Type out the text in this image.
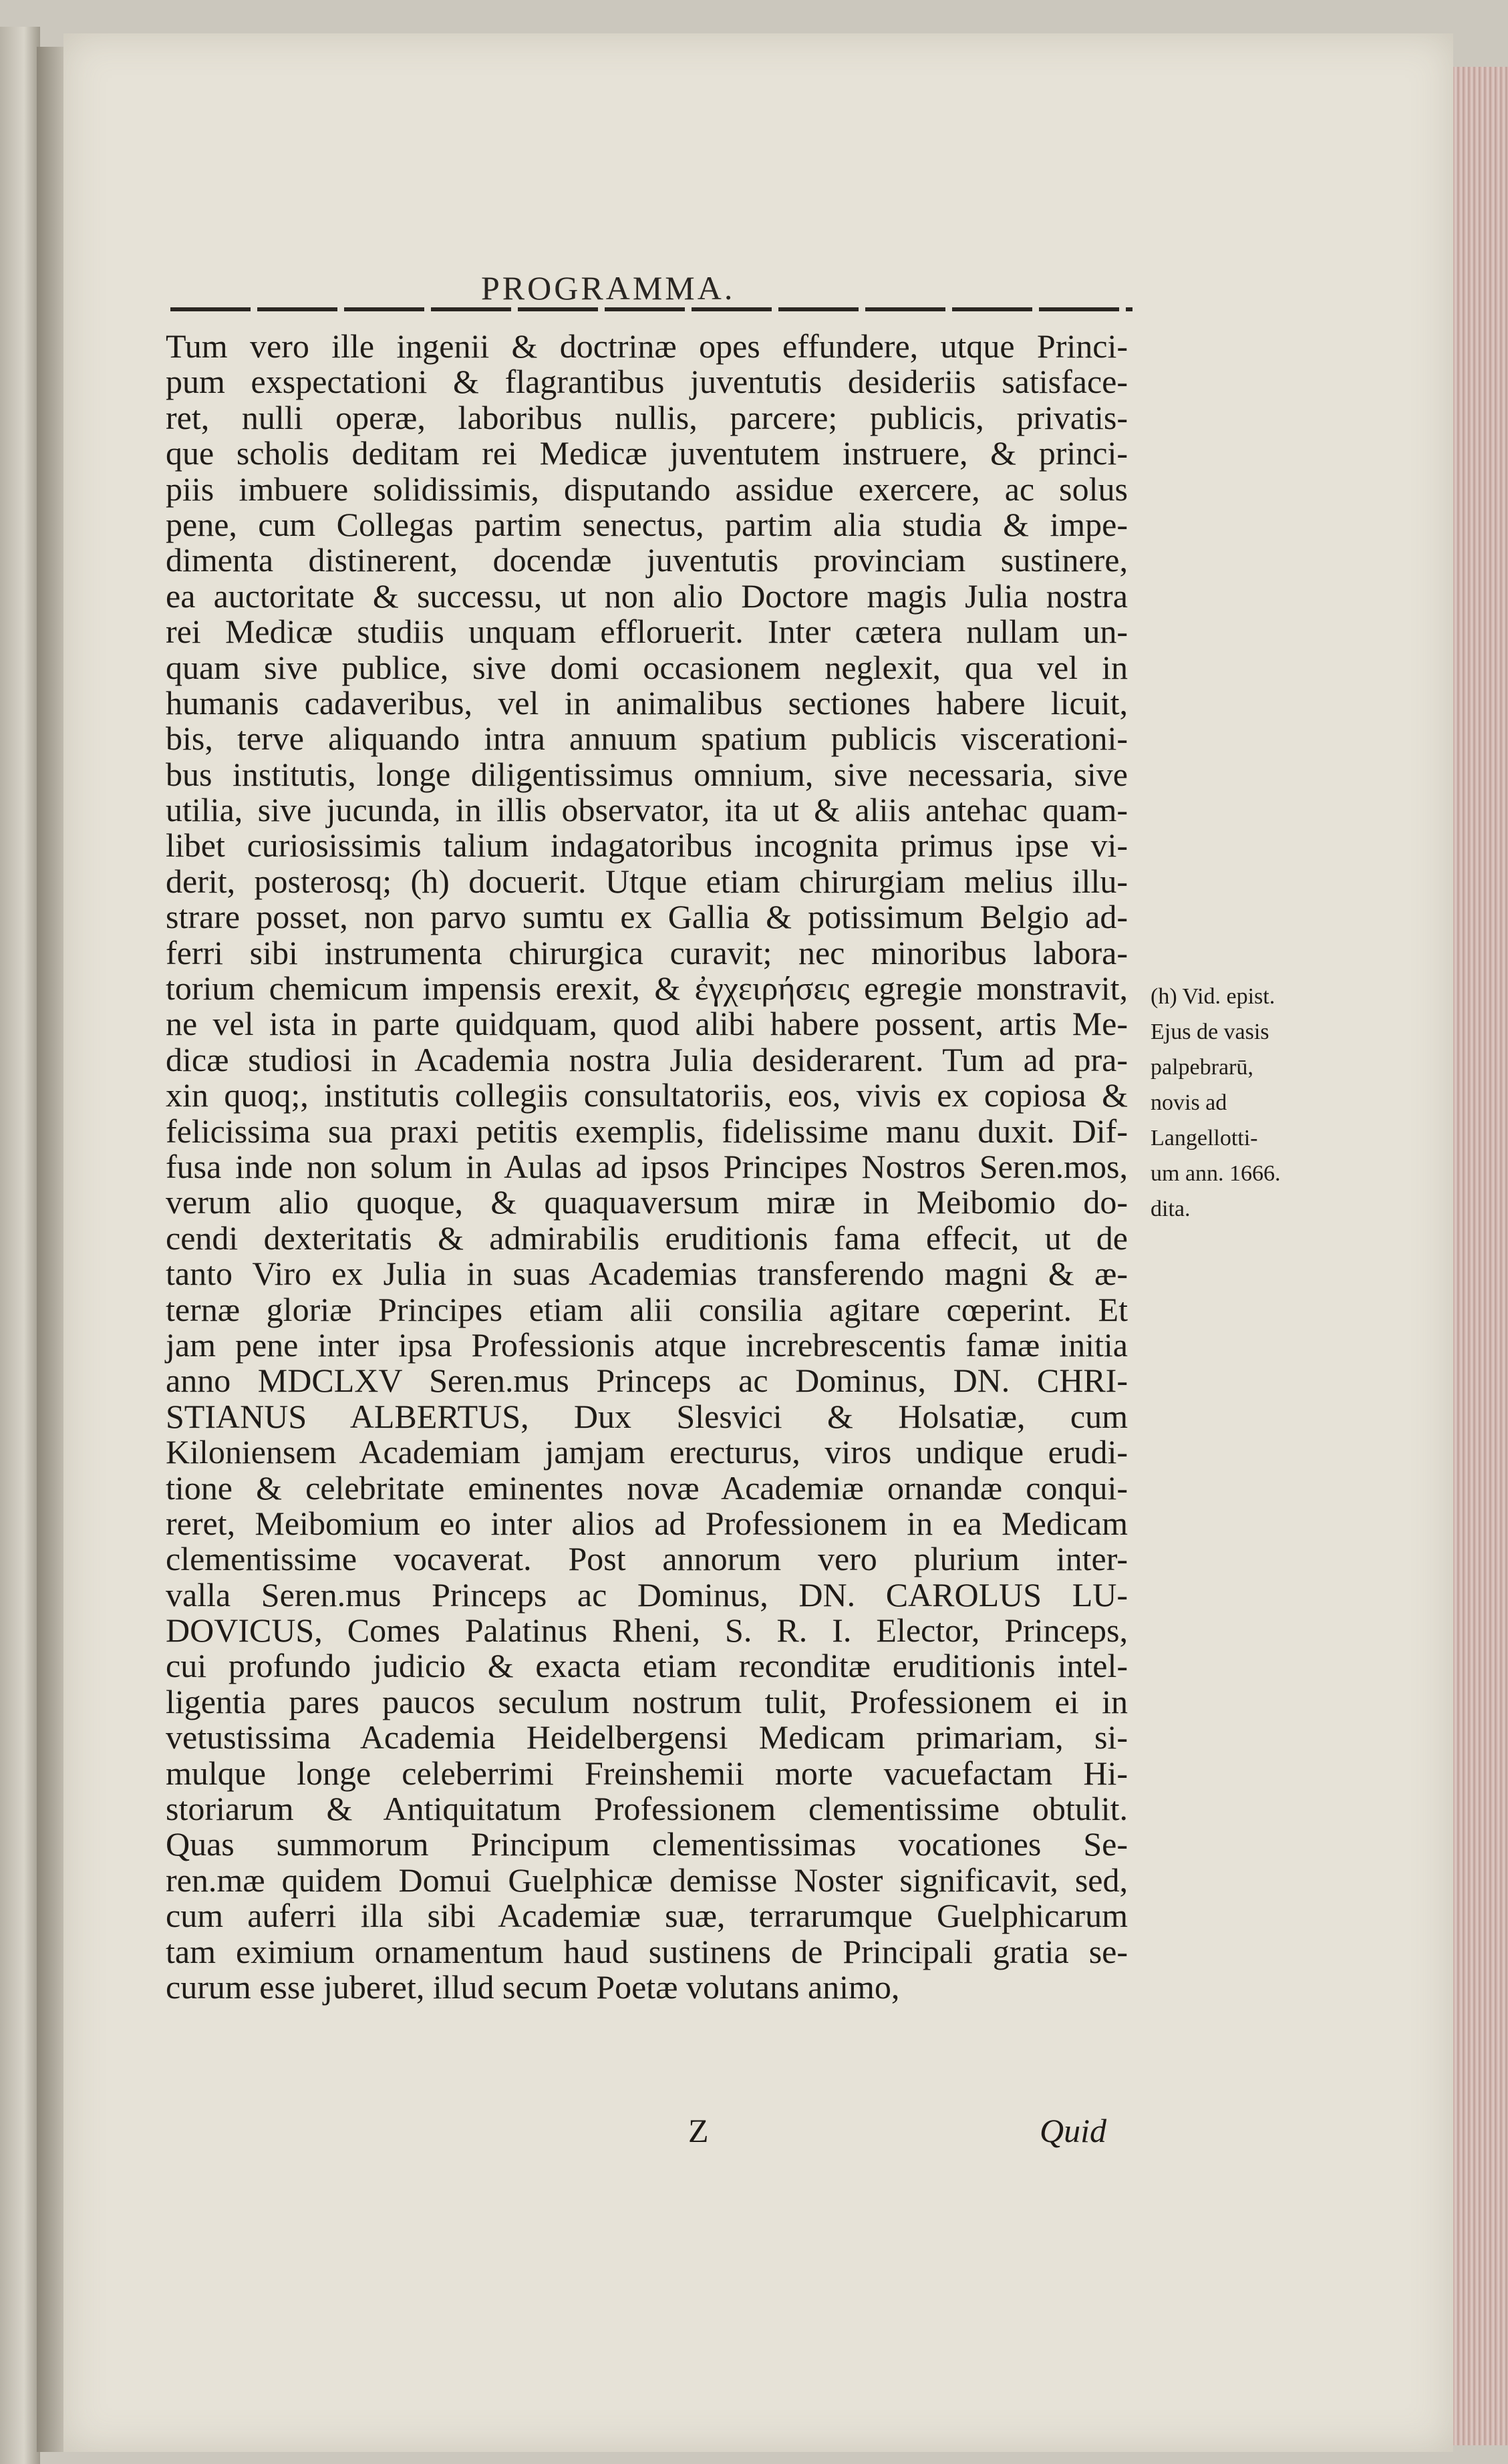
PROGRAMMA.
Tum vero ille ingenii & doctrinæ opes effundere, utque Princi-
pum exspectationi & flagrantibus juventutis desideriis satisface-
ret, nulli operæ, laboribus nullis, parcere; publicis, privatis-
que scholis deditam rei Medicæ juventutem instruere, & princi-
piis imbuere solidissimis, disputando assidue exercere, ac solus
pene, cum Collegas partim senectus, partim alia studia & impe-
dimenta distinerent, docendæ juventutis provinciam sustinere,
ea auctoritate & successu, ut non alio Doctore magis Julia nostra
rei Medicæ studiis unquam effloruerit. Inter cætera nullam un-
quam sive publice, sive domi occasionem neglexit, qua vel in
humanis cadaveribus, vel in animalibus sectiones habere licuit,
bis, terve aliquando intra annuum spatium publicis viscerationi-
bus institutis, longe diligentissimus omnium, sive necessaria, sive
utilia, sive jucunda, in illis observator, ita ut & aliis antehac quam-
libet curiosissimis talium indagatoribus incognita primus ipse vi-
derit, posterosq; (h) docuerit. Utque etiam chirurgiam melius illu-
strare posset, non parvo sumtu ex Gallia & potissimum Belgio ad-
ferri sibi instrumenta chirurgica curavit; nec minoribus labora-
torium chemicum impensis erexit, & ἐγχειρήσεις egregie monstravit,
ne vel ista in parte quidquam, quod alibi habere possent, artis Me-
dicæ studiosi in Academia nostra Julia desiderarent. Tum ad pra-
xin quoq;, institutis collegiis consultatoriis, eos, vivis ex copiosa &
felicissima sua praxi petitis exemplis, fidelissime manu duxit. Dif-
fusa inde non solum in Aulas ad ipsos Principes Nostros Seren.mos,
verum alio quoque, & quaquaversum miræ in Meibomio do-
cendi dexteritatis & admirabilis eruditionis fama effecit, ut de
tanto Viro ex Julia in suas Academias transferendo magni & æ-
ternæ gloriæ Principes etiam alii consilia agitare cœperint. Et
jam pene inter ipsa Professionis atque increbrescentis famæ initia
anno MDCLXV Seren.mus Princeps ac Dominus, DN. CHRI-
STIANUS ALBERTUS, Dux Slesvici & Holsatiæ, cum
Kiloniensem Academiam jamjam erecturus, viros undique erudi-
tione & celebritate eminentes novæ Academiæ ornandæ conqui-
reret, Meibomium eo inter alios ad Professionem in ea Medicam
clementissime vocaverat. Post annorum vero plurium inter-
valla Seren.mus Princeps ac Dominus, DN. CAROLUS LU-
DOVICUS, Comes Palatinus Rheni, S. R. I. Elector, Princeps,
cui profundo judicio & exacta etiam reconditæ eruditionis intel-
ligentia pares paucos seculum nostrum tulit, Professionem ei in
vetustissima Academia Heidelbergensi Medicam primariam, si-
mulque longe celeberrimi Freinshemii morte vacuefactam Hi-
storiarum & Antiquitatum Professionem clementissime obtulit.
Quas summorum Principum clementissimas vocationes Se-
ren.mæ quidem Domui Guelphicæ demisse Noster significavit, sed,
cum auferri illa sibi Academiæ suæ, terrarumque Guelphicarum
tam eximium ornamentum haud sustinens de Principali gratia se-
curum esse juberet, illud secum Poetæ volutans animo,
(h) Vid. epist.
Ejus de vasis
palpebrarū,
novis ad
Langellotti-
um ann. 1666.
dita.
Z	Quid
